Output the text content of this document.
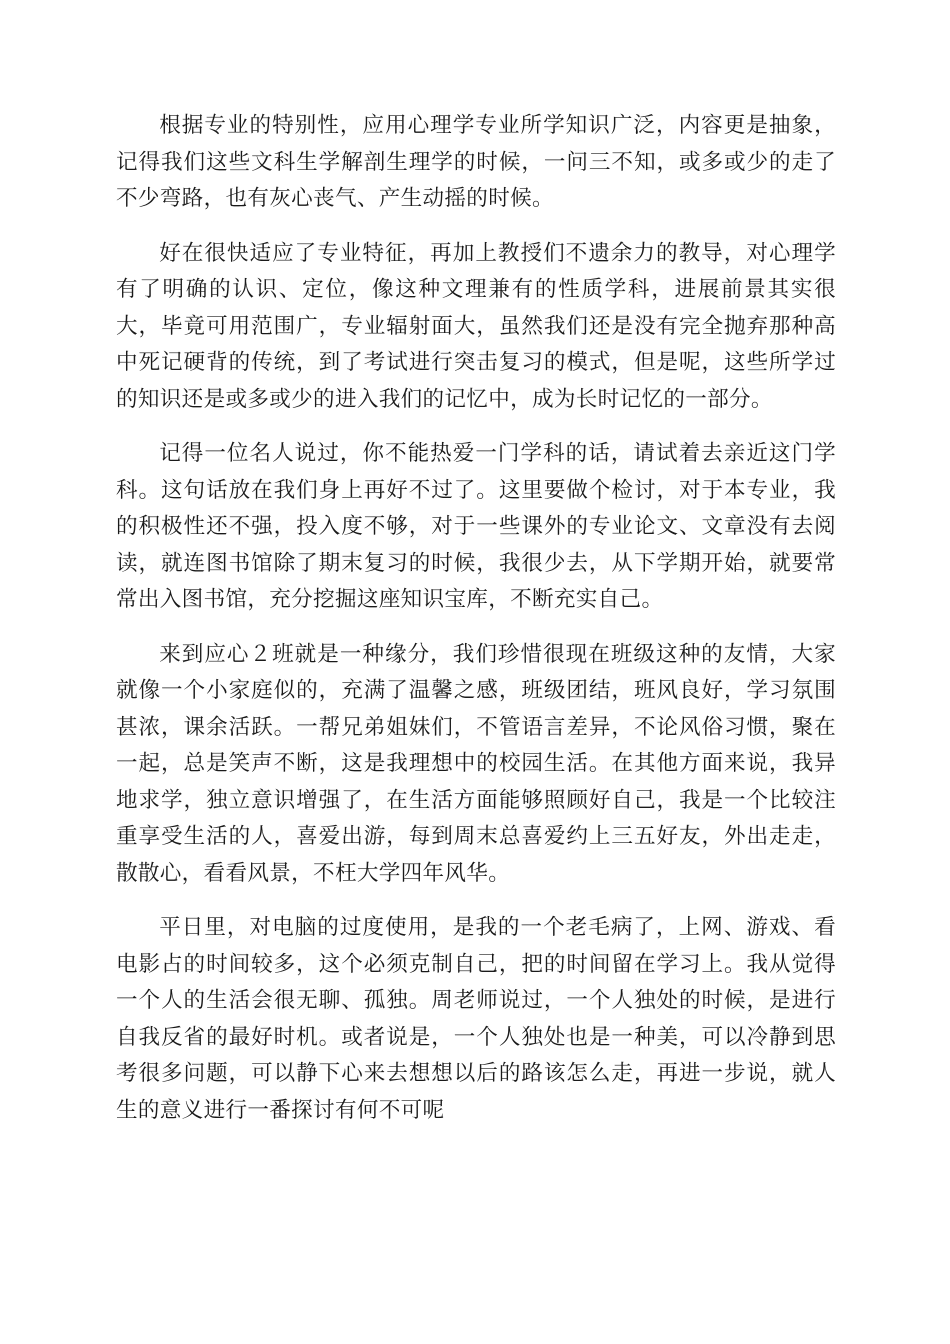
根据专业的特别性，应用心理学专业所学知识广泛，内容更是抽象，记得我们这些文科生学解剖生理学的时候，一问三不知，或多或少的走了不少弯路，也有灰心丧气、产生动摇的时候。

好在很快适应了专业特征，再加上教授们不遗余力的教导，对心理学有了明确的认识、定位，像这种文理兼有的性质学科，进展前景其实很大，毕竟可用范围广，专业辐射面大，虽然我们还是没有完全抛弃那种高中死记硬背的传统，到了考试进行突击复习的模式，但是呢，这些所学过的知识还是或多或少的进入我们的记忆中，成为长时记忆的一部分。

记得一位名人说过，你不能热爱一门学科的话，请试着去亲近这门学科。这句话放在我们身上再好不过了。这里要做个检讨，对于本专业，我的积极性还不强，投入度不够，对于一些课外的专业论文、文章没有去阅读，就连图书馆除了期末复习的时候，我很少去，从下学期开始，就要常常出入图书馆，充分挖掘这座知识宝库，不断充实自己。

来到应心２班就是一种缘分，我们珍惜很现在班级这种的友情，大家就像一个小家庭似的，充满了温馨之感，班级团结，班风良好，学习氛围甚浓，课余活跃。一帮兄弟姐妹们，不管语言差异，不论风俗习惯，聚在一起，总是笑声不断，这是我理想中的校园生活。在其他方面来说，我异地求学，独立意识增强了，在生活方面能够照顾好自己，我是一个比较注重享受生活的人，喜爱出游，每到周末总喜爱约上三五好友，外出走走，散散心，看看风景，不枉大学四年风华。

平日里，对电脑的过度使用，是我的一个老毛病了，上网、游戏、看电影占的时间较多，这个必须克制自己，把的时间留在学习上。我从觉得一个人的生活会很无聊、孤独。周老师说过，一个人独处的时候，是进行自我反省的最好时机。或者说是，一个人独处也是一种美，可以冷静到思考很多问题，可以静下心来去想想以后的路该怎么走，再进一步说，就人生的意义进行一番探讨有何不可呢
